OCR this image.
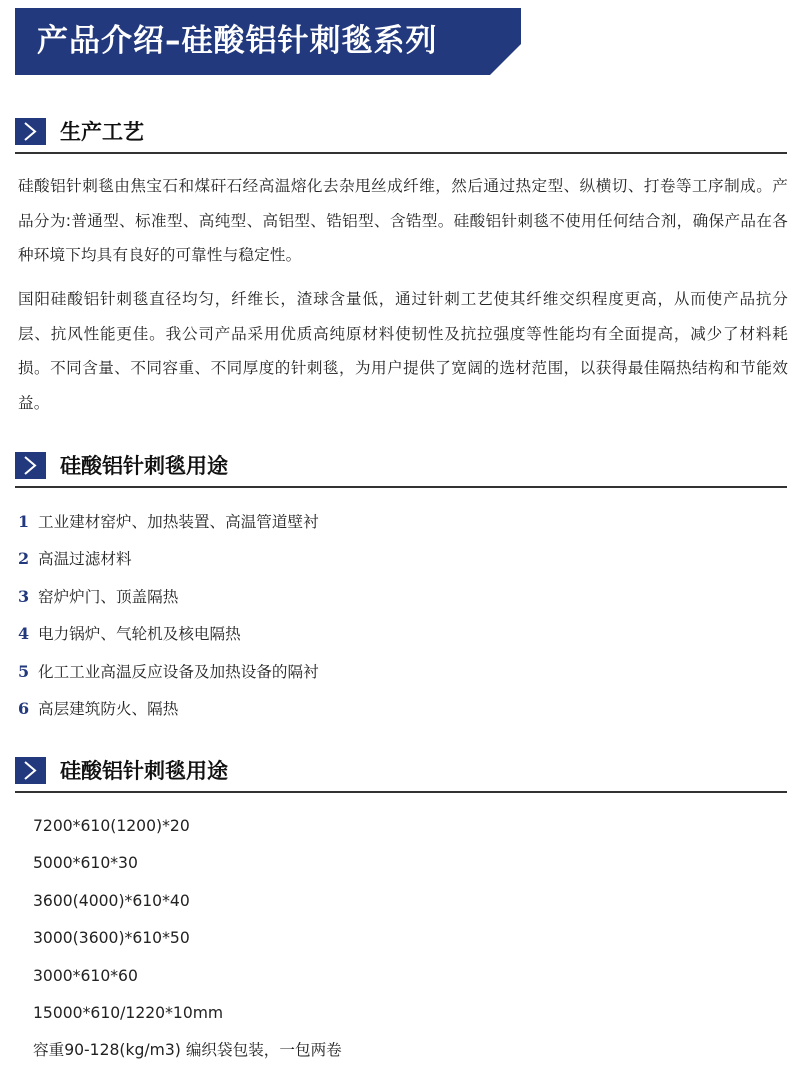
产品介绍–硅酸铝针刺毯系列
生产工艺
硅酸铝针刺毯由焦宝石和煤矸石经高温熔化去杂甩丝成纤维，然后通过热定型、纵横切、打卷等工序制成。产品分为:普通型、标准型、高纯型、高铝型、锆铝型、含锆型。硅酸铝针刺毯不使用任何结合剂，确保产品在各种环境下均具有良好的可靠性与稳定性。
国阳硅酸铝针刺毯直径均匀，纤维长，渣球含量低，通过针刺工艺使其纤维交织程度更高，从而使产品抗分层、抗风性能更佳。我公司产品采用优质高纯原材料使韧性及抗拉强度等性能均有全面提高，减少了材料耗损。不同含量、不同容重、不同厚度的针刺毯，为用户提供了宽阔的选材范围，以获得最佳隔热结构和节能效益。
硅酸铝针刺毯用途
1 工业建材窑炉、加热装置、高温管道壁衬
2 高温过滤材料
3 窑炉炉门、顶盖隔热
4 电力锅炉、气轮机及核电隔热
5 化工工业高温反应设备及加热设备的隔衬
6 高层建筑防火、隔热
硅酸铝针刺毯用途
7200*610(1200)*20
5000*610*30
3600(4000)*610*40
3000(3600)*610*50
3000*610*60
15000*610/1220*10mm
容重90-128(kg/m3) 编织袋包装，一包两卷
